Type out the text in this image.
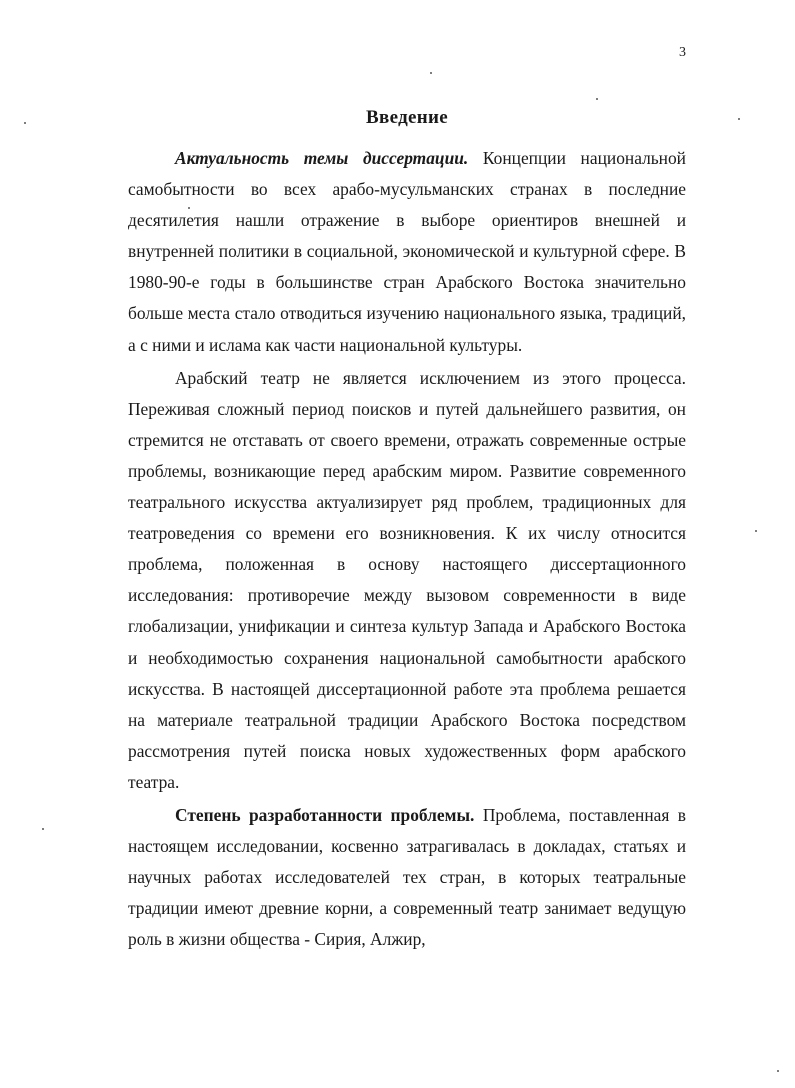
3
Введение

Актуальность темы диссертации. Концепции национальной самобытности во всех арабо-мусульманских странах в последние десятилетия нашли отражение в выборе ориентиров внешней и внутренней политики в социальной, экономической и культурной сфере. В 1980-90-е годы в большинстве стран Арабского Востока значительно больше места стало отводиться изучению национального языка, традиций, а с ними и ислама как части национальной культуры.

Арабский театр не является исключением из этого процесса. Переживая сложный период поисков и путей дальнейшего развития, он стремится не отставать от своего времени, отражать современные острые проблемы, возникающие перед арабским миром. Развитие современного театрального искусства актуализирует ряд проблем, традиционных для театроведения со времени его возникновения. К их числу относится проблема, положенная в основу настоящего диссертационного исследования: противоречие между вызовом современности в виде глобализации, унификации и синтеза культур Запада и Арабского Востока и необходимостью сохранения национальной самобытности арабского искусства. В настоящей диссертационной работе эта проблема решается на материале театральной традиции Арабского Востока посредством рассмотрения путей поиска новых художественных форм арабского театра.

Степень разработанности проблемы. Проблема, поставленная в настоящем исследовании, косвенно затрагивалась в докладах, статьях и научных работах исследователей тех стран, в которых театральные традиции имеют древние корни, а современный театр занимает ведущую роль в жизни общества - Сирия, Алжир,
